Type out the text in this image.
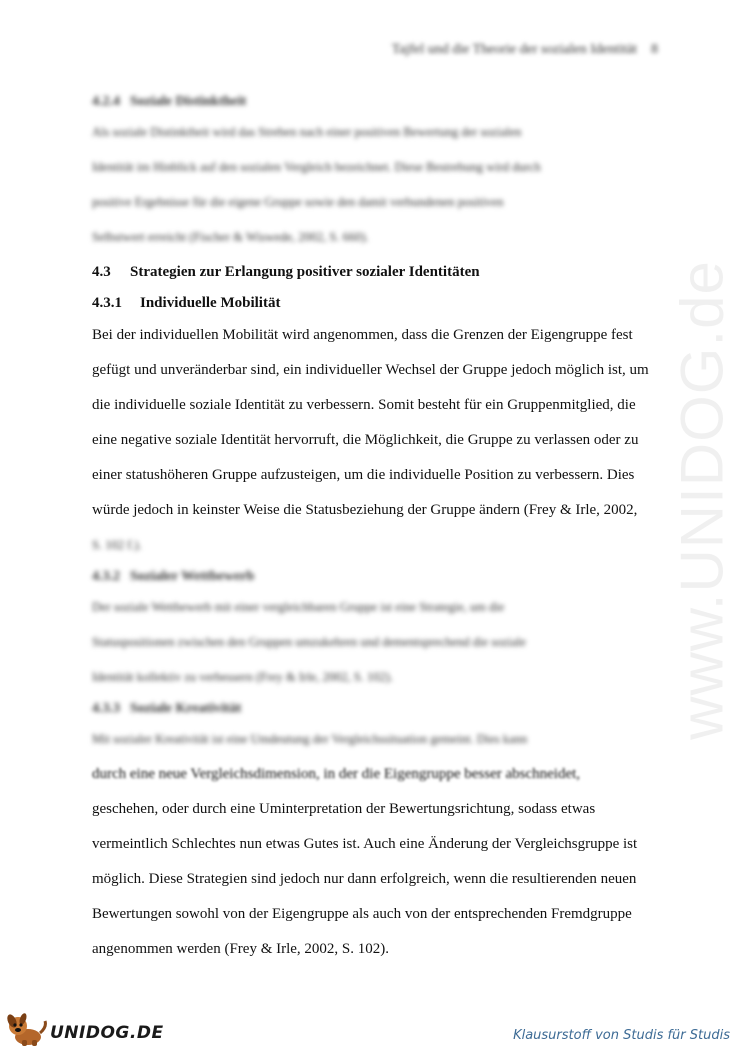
Tajfel und die Theorie der sozialen Identität 8
www.UNIDOG.de
4.2.4 Soziale Distinktheit
Als soziale Distinktheit wird das Streben nach einer positiven Bewertung der sozialen
Identität im Hinblick auf den sozialen Vergleich bezeichnet. Diese Bestrebung wird durch
positive Ergebnisse für die eigene Gruppe sowie den damit verbundenen positiven
Selbstwert erreicht (Fischer & Wiswede, 2002, S. 660).
4.3 Strategien zur Erlangung positiver sozialer Identitäten
4.3.1 Individuelle Mobilität
Bei der individuellen Mobilität wird angenommen, dass die Grenzen der Eigengruppe fest
gefügt und unveränderbar sind, ein individueller Wechsel der Gruppe jedoch möglich ist, um
die individuelle soziale Identität zu verbessern. Somit besteht für ein Gruppenmitglied, die
eine negative soziale Identität hervorruft, die Möglichkeit, die Gruppe zu verlassen oder zu
einer statushöheren Gruppe aufzusteigen, um die individuelle Position zu verbessern. Dies
würde jedoch in keinster Weise die Statusbeziehung der Gruppe ändern (Frey & Irle, 2002,
S. 102 f.).
4.3.2 Sozialer Wettbewerb
Der soziale Wettbewerb mit einer vergleichbaren Gruppe ist eine Strategie, um die
Statuspositionen zwischen den Gruppen umzukehren und dementsprechend die soziale
Identität kollektiv zu verbessern (Frey & Irle, 2002, S. 102).
4.3.3 Soziale Kreativität
Mit sozialer Kreativität ist eine Umdeutung der Vergleichssituation gemeint. Dies kann
durch eine neue Vergleichsdimension, in der die Eigengruppe besser abschneidet,
geschehen, oder durch eine Uminterpretation der Bewertungsrichtung, sodass etwas
vermeintlich Schlechtes nun etwas Gutes ist. Auch eine Änderung der Vergleichsgruppe ist
möglich. Diese Strategien sind jedoch nur dann erfolgreich, wenn die resultierenden neuen
Bewertungen sowohl von der Eigengruppe als auch von der entsprechenden Fremdgruppe
angenommen werden (Frey & Irle, 2002, S. 102).
UNIDOG.DE	Klausurstoff von Studis für Studis
